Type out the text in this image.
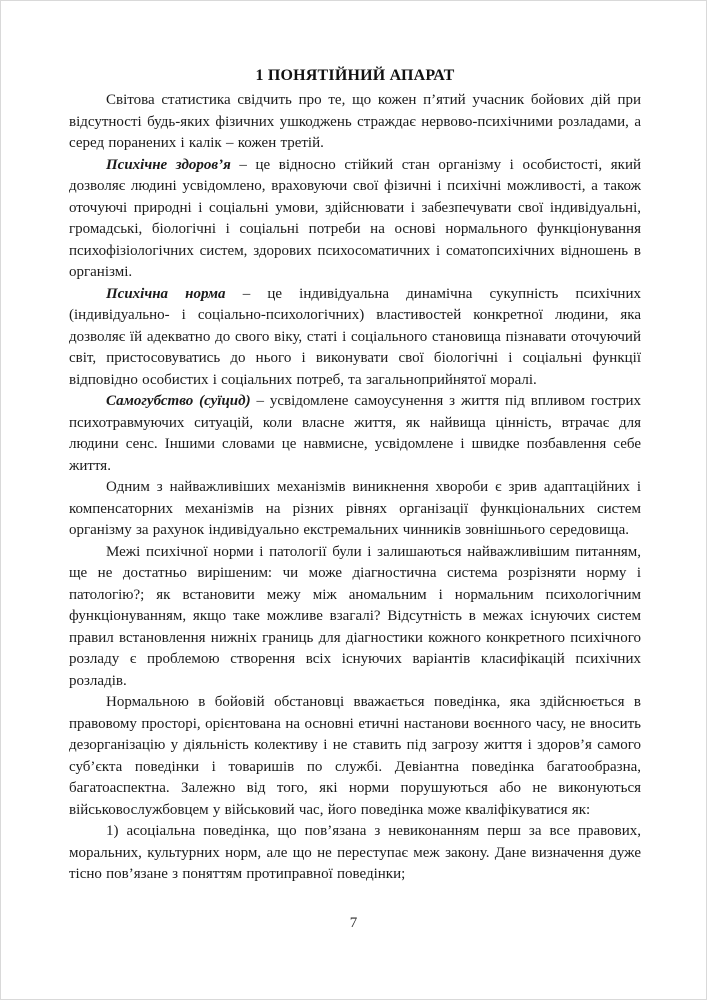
1 ПОНЯТІЙНИЙ АПАРАТ

Світова статистика свідчить про те, що кожен п’ятий учасник бойових дій при відсутності будь-яких фізичних ушкоджень страждає нервово-психічними розладами, а серед поранених і калік – кожен третій.

Психічне здоров’я – це відносно стійкий стан організму і особистості, який дозволяє людині усвідомлено, враховуючи свої фізичні і психічні можливості, а також оточуючі природні і соціальні умови, здійснювати і забезпечувати свої індивідуальні, громадські, біологічні і соціальні потреби на основі нормального функціонування психофізіологічних систем, здорових психосоматичних і соматопсихічних відношень в організмі.

Психічна норма – це індивідуальна динамічна сукупність психічних (індивідуально- і соціально-психологічних) властивостей конкретної людини, яка дозволяє їй адекватно до свого віку, статі і соціального становища пізнавати оточуючий світ, пристосовуватись до нього і виконувати свої біологічні і соціальні функції відповідно особистих і соціальних потреб, та загальноприйнятої моралі.

Самогубство (суїцид) – усвідомлене самоусунення з життя під впливом гострих психотравмуючих ситуацій, коли власне життя, як найвища цінність, втрачає для людини сенс. Іншими словами це навмисне, усвідомлене і швидке позбавлення себе життя.

Одним з найважливіших механізмів виникнення хвороби є зрив адаптаційних і компенсаторних механізмів на різних рівнях організації функціональних систем організму за рахунок індивідуально екстремальних чинників зовнішнього середовища.

Межі психічної норми і патології були і залишаються найважливішим питанням, ще не достатньо вирішеним: чи може діагностична система розрізняти норму і патологію?; як встановити межу між аномальним і нормальним психологічним функціонуванням, якщо таке можливе взагалі? Відсутність в межах існуючих систем правил встановлення нижніх границь для діагностики кожного конкретного психічного розладу є проблемою створення всіх існуючих варіантів класифікацій психічних розладів.

Нормальною в бойовій обстановці вважається поведінка, яка здійснюється в правовому просторі, орієнтована на основні етичні настанови воєнного часу, не вносить дезорганізацію у діяльність колективу і не ставить під загрозу життя і здоров’я самого суб’єкта поведінки і товаришів по службі. Девіантна поведінка багатообразна, багатоаспектна. Залежно від того, які норми порушуються або не виконуються військовослужбовцем у військовий час, його поведінка може кваліфікуватися як:

1) асоціальна поведінка, що пов’язана з невиконанням перш за все правових, моральних, культурних норм, але що не переступає меж закону. Дане визначення дуже тісно пов’язане з поняттям протиправної поведінки;

7
